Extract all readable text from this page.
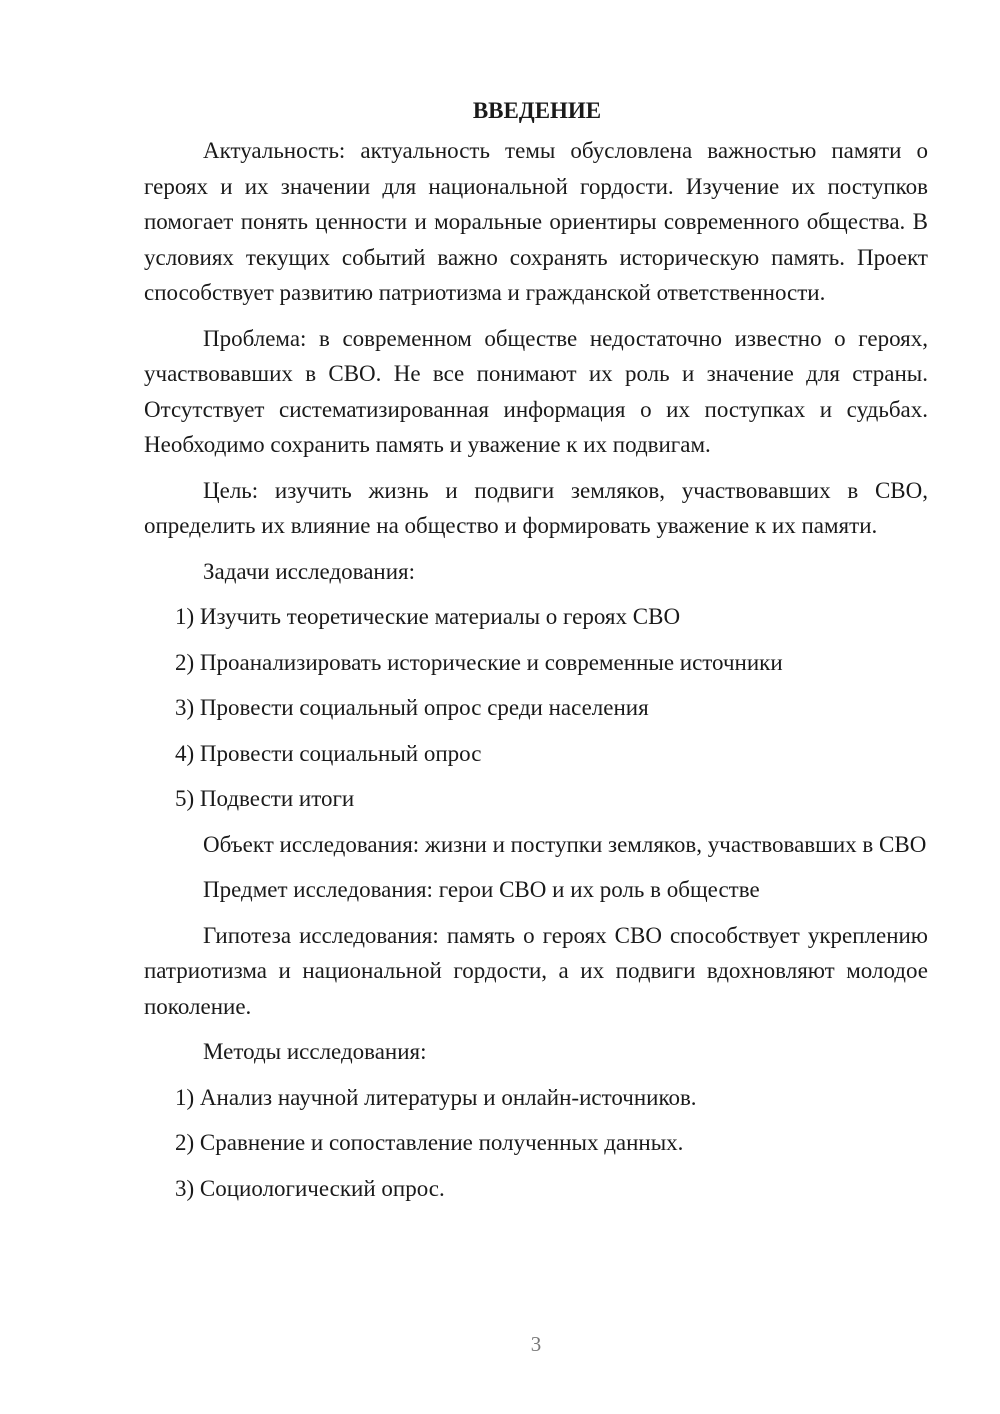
ВВЕДЕНИЕ

Актуальность: актуальность темы обусловлена важностью памяти о героях и их значении для национальной гордости. Изучение их поступков помогает понять ценности и моральные ориентиры современного общества. В условиях текущих событий важно сохранять историческую память. Проект способствует развитию патриотизма и гражданской ответственности.

Проблема: в современном обществе недостаточно известно о героях, участвовавших в СВО. Не все понимают их роль и значение для страны. Отсутствует систематизированная информация о их поступках и судьбах. Необходимо сохранить память и уважение к их подвигам.

Цель: изучить жизнь и подвиги земляков, участвовавших в СВО, определить их влияние на общество и формировать уважение к их памяти.

Задачи исследования:

1) Изучить теоретические материалы о героях СВО

2) Проанализировать исторические и современные источники

3) Провести социальный опрос среди населения

4) Провести социальный опрос

5) Подвести итоги

Объект исследования: жизни и поступки земляков, участвовавших в СВО

Предмет исследования: герои СВО и их роль в обществе

Гипотеза исследования: память о героях СВО способствует укреплению патриотизма и национальной гордости, а их подвиги вдохновляют молодое поколение.

Методы исследования:

1) Анализ научной литературы и онлайн-источников.

2) Сравнение и сопоставление полученных данных.

3) Социологический опрос.

3
